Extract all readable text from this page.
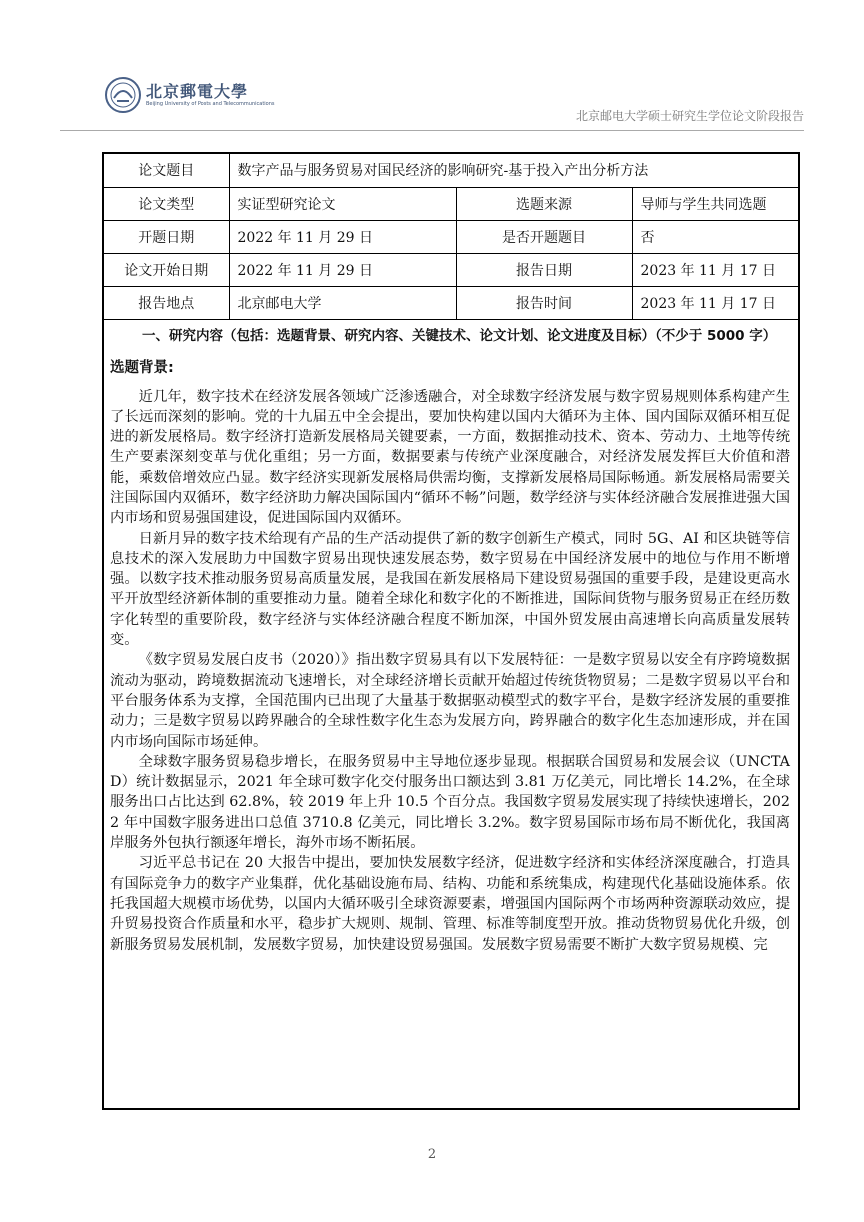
北京郵電大學
Beijing University of Posts and Telecommunications
北京邮电大学硕士研究生学位论文阶段报告
论文题目	数字产品与服务贸易对国民经济的影响研究-基于投入产出分析方法		
论文类型	实证型研究论文	选题来源	导师与学生共同选题
开题日期	2022 年 11 月 29 日	是否开题题目	否
论文开始日期	2022 年 11 月 29 日	报告日期	2023 年 11 月 17 日
报告地点	北京邮电大学	报告时间	2023 年 11 月 17 日
一、研究内容（包括：选题背景、研究内容、关键技术、论文计划、论文进度及目标）（不少于 5000 字）
选题背景:

近几年，数字技术在经济发展各领域广泛渗透融合，对全球数字经济发展与数字贸易规则体系构建产生了长远而深刻的影响。党的十九届五中全会提出，要加快构建以国内大循环为主体、国内国际双循环相互促进的新发展格局。数字经济打造新发展格局关键要素，一方面，数据推动技术、资本、劳动力、土地等传统生产要素深刻变革与优化重组；另一方面，数据要素与传统产业深度融合，对经济发展发挥巨大价值和潜能，乘数倍增效应凸显。数字经济实现新发展格局供需均衡，支撑新发展格局国际畅通。新发展格局需要关注国际国内双循环，数字经济助力解决国际国内“循环不畅”问题，数学经济与实体经济融合发展推进强大国内市场和贸易强国建设，促进国际国内双循环。

日新月异的数字技术给现有产品的生产活动提供了新的数字创新生产模式，同时 5G、AI 和区块链等信息技术的深入发展助力中国数字贸易出现快速发展态势，数字贸易在中国经济发展中的地位与作用不断增强。以数字技术推动服务贸易高质量发展，是我国在新发展格局下建设贸易强国的重要手段，是建设更高水平开放型经济新体制的重要推动力量。随着全球化和数字化的不断推进，国际间货物与服务贸易正在经历数字化转型的重要阶段，数字经济与实体经济融合程度不断加深，中国外贸发展由高速增长向高质量发展转变。

《数字贸易发展白皮书（2020）》指出数字贸易具有以下发展特征：一是数字贸易以安全有序跨境数据流动为驱动，跨境数据流动飞速增长，对全球经济增长贡献开始超过传统货物贸易；二是数字贸易以平台和平台服务体系为支撑，全国范围内已出现了大量基于数据驱动模型式的数字平台，是数字经济发展的重要推动力；三是数字贸易以跨界融合的全球性数字化生态为发展方向，跨界融合的数字化生态加速形成，并在国内市场向国际市场延伸。

全球数字服务贸易稳步增长，在服务贸易中主导地位逐步显现。根据联合国贸易和发展会议（UNCTAD）统计数据显示，2021 年全球可数字化交付服务出口额达到 3.81 万亿美元，同比增长 14.2%，在全球服务出口占比达到 62.8%，较 2019 年上升 10.5 个百分点。我国数字贸易发展实现了持续快速增长，2022 年中国数字服务进出口总值 3710.8 亿美元，同比增长 3.2%。数字贸易国际市场布局不断优化，我国离岸服务外包执行额逐年增长，海外市场不断拓展。

习近平总书记在 20 大报告中提出，要加快发展数字经济，促进数字经济和实体经济深度融合，打造具有国际竞争力的数字产业集群，优化基础设施布局、结构、功能和系统集成，构建现代化基础设施体系。依托我国超大规模市场优势，以国内大循环吸引全球资源要素，增强国内国际两个市场两种资源联动效应，提升贸易投资合作质量和水平，稳步扩大规则、规制、管理、标准等制度型开放。推动货物贸易优化升级，创新服务贸易发展机制，发展数字贸易，加快建设贸易强国。发展数字贸易需要不断扩大数字贸易规模、完

2
